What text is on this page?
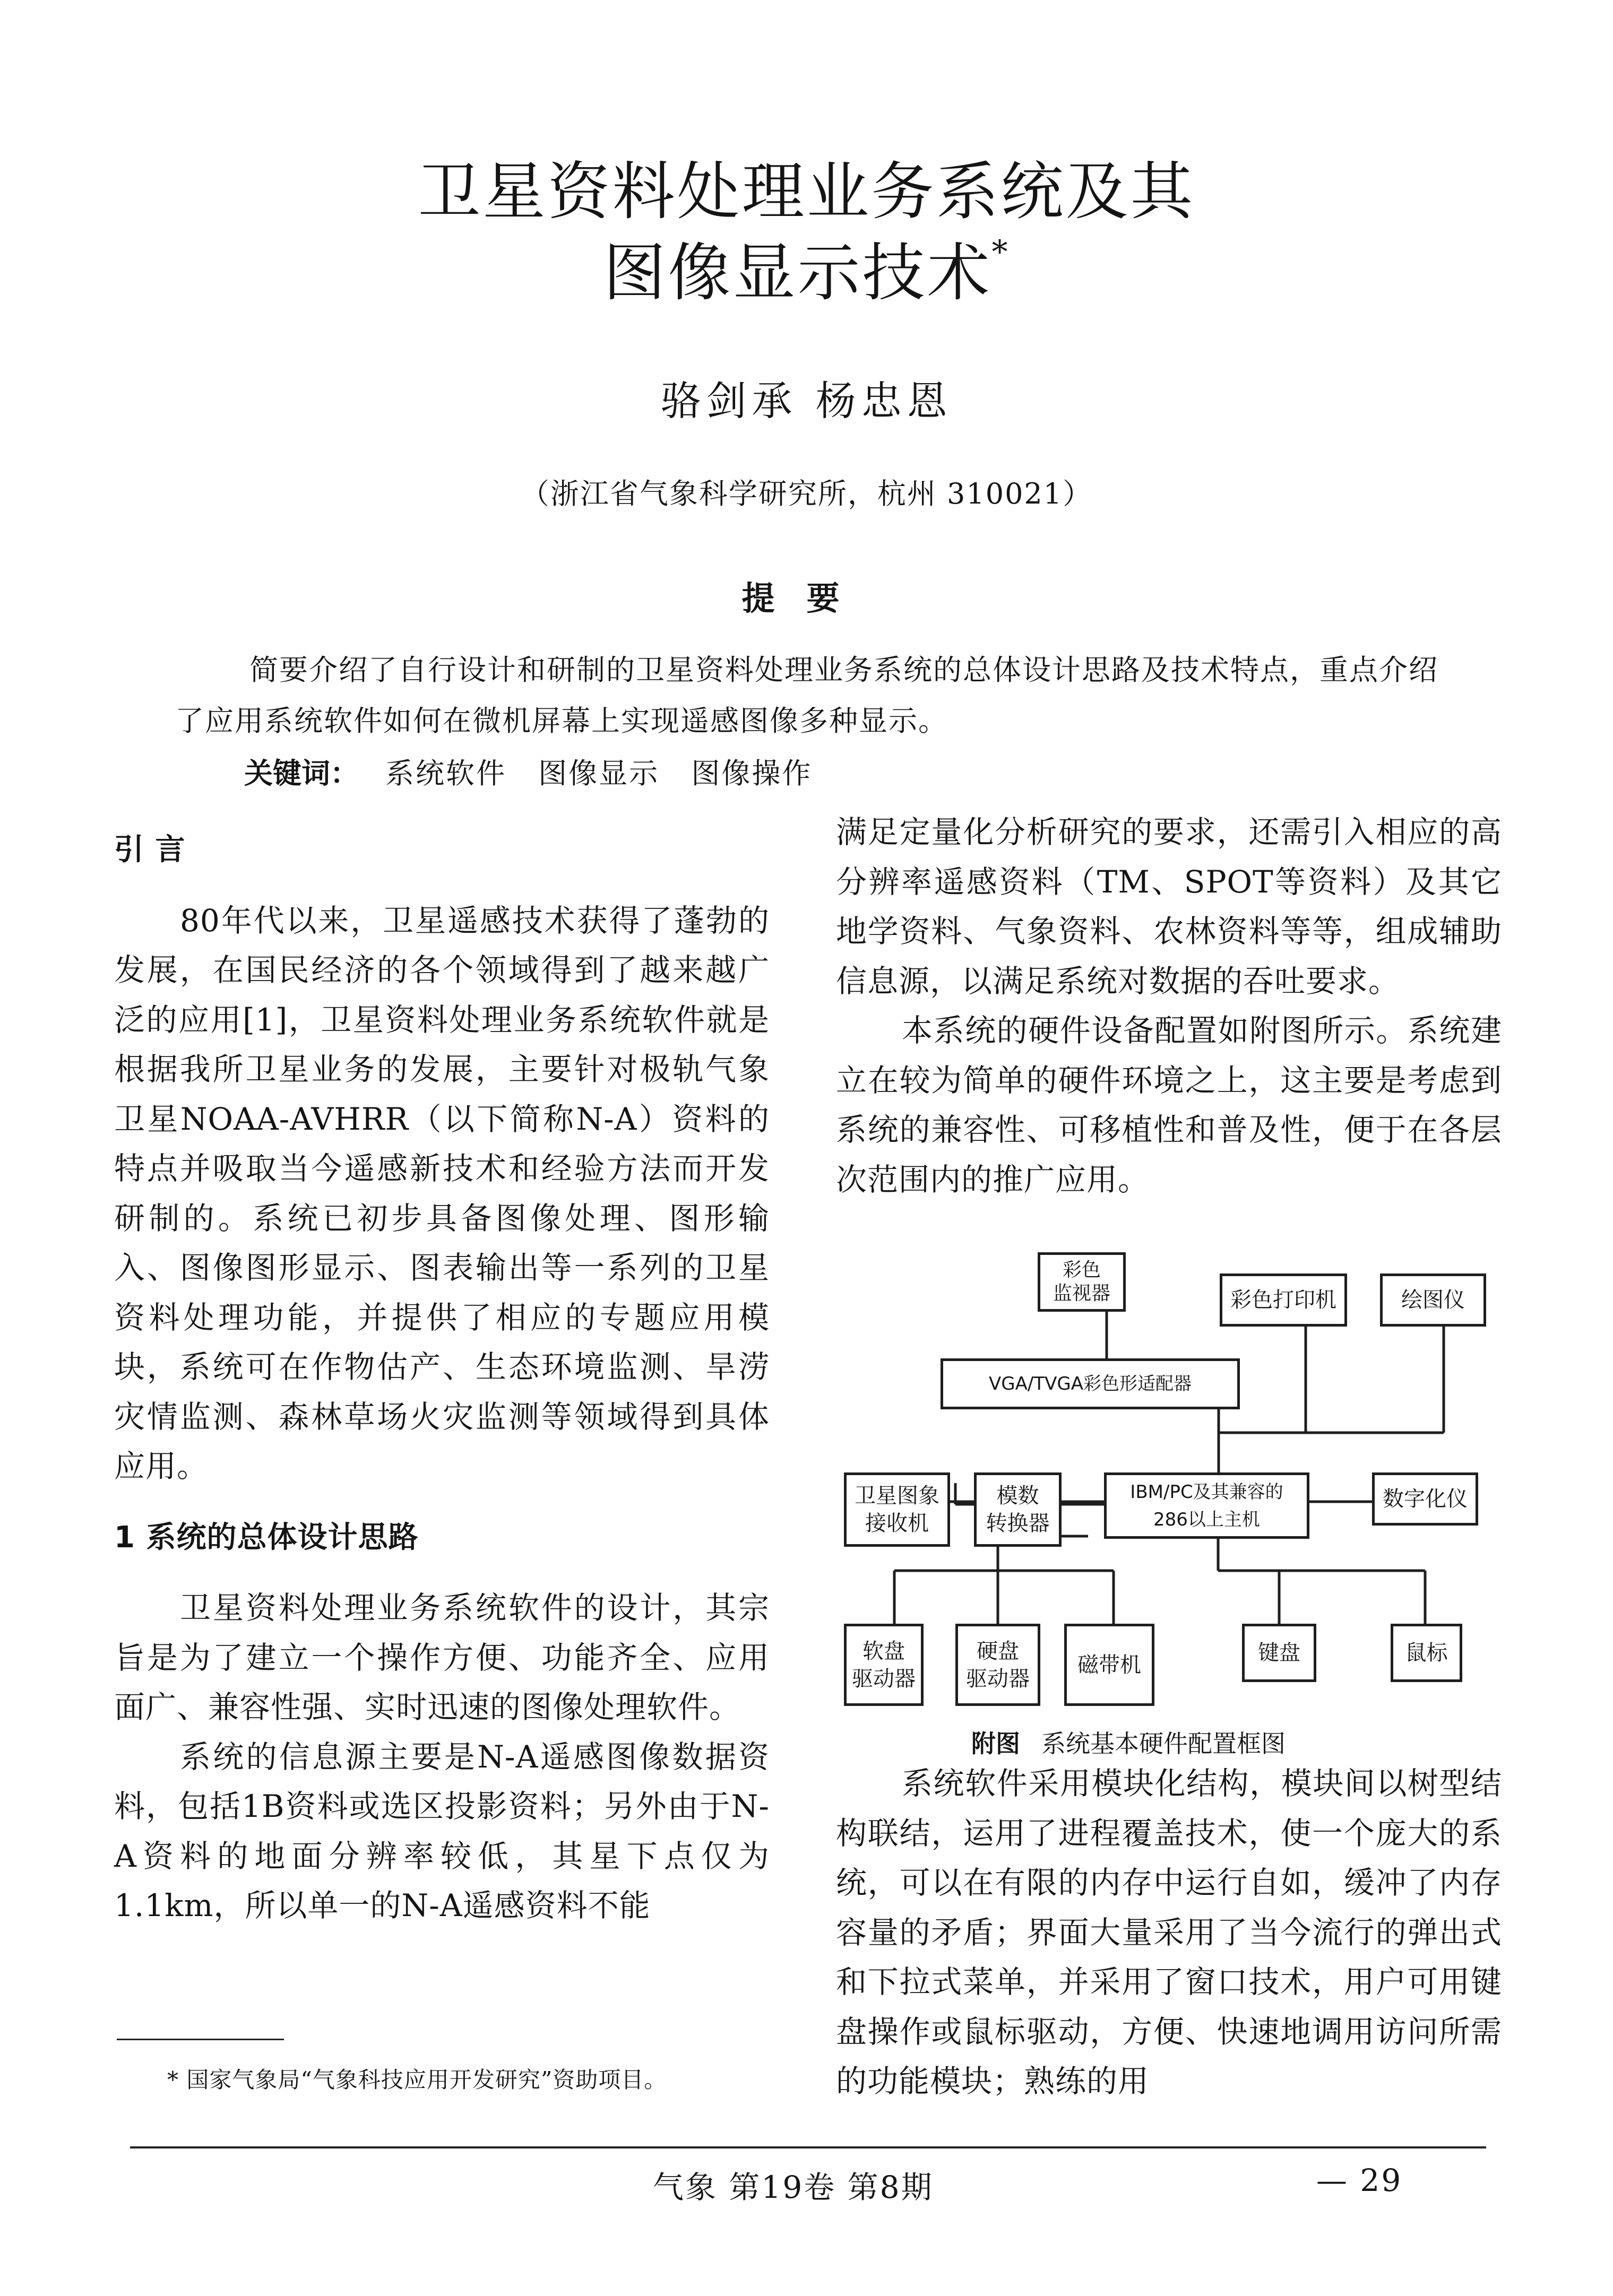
卫星资料处理业务系统及其
图像显示技术*
骆剑承 杨忠恩
（浙江省气象科学研究所，杭州 310021）
提要
简要介绍了自行设计和研制的卫星资料处理业务系统的总体设计思路及技术特点，重点介绍了应用系统软件如何在微机屏幕上实现遥感图像多种显示。
关键词： 系统软件 图像显示 图像操作

引 言

80年代以来，卫星遥感技术获得了蓬勃的发展，在国民经济的各个领域得到了越来越广泛的应用[1]，卫星资料处理业务系统软件就是根据我所卫星业务的发展，主要针对极轨气象卫星NOAA-AVHRR（以下简称N-A）资料的特点并吸取当今遥感新技术和经验方法而开发研制的。系统已初步具备图像处理、图形输入、图像图形显示、图表输出等一系列的卫星资料处理功能，并提供了相应的专题应用模块，系统可在作物估产、生态环境监测、旱涝灾情监测、森林草场火灾监测等领域得到具体应用。

1 系统的总体设计思路

卫星资料处理业务系统软件的设计，其宗旨是为了建立一个操作方便、功能齐全、应用面广、兼容性强、实时迅速的图像处理软件。

系统的信息源主要是N-A遥感图像数据资料，包括1B资料或选区投影资料；另外由于N-A资料的地面分辨率较低，其星下点仅为1.1km，所以单一的N-A遥感资料不能

满足定量化分析研究的要求，还需引入相应的高分辨率遥感资料（TM、SPOT等资料）及其它地学资料、气象资料、农林资料等等，组成辅助信息源，以满足系统对数据的吞吐要求。

本系统的硬件设备配置如附图所示。系统建立在较为简单的硬件环境之上，这主要是考虑到系统的兼容性、可移植性和普及性，便于在各层次范围内的推广应用。

彩色
监视器	彩色打印机	绘图仪
VGA/TVGA彩色形适配器
卫星图象
接收机
模数
转换器
IBM/PC及其兼容的
286以上主机
数字化仪
软盘
驱动器
硬盘
驱动器
磁带机	键盘	鼠标
附图 系统基本硬件配置框图

系统软件采用模块化结构，模块间以树型结构联结，运用了进程覆盖技术，使一个庞大的系统，可以在有限的内存中运行自如，缓冲了内存容量的矛盾；界面大量采用了当今流行的弹出式和下拉式菜单，并采用了窗口技术，用户可用键盘操作或鼠标驱动，方便、快速地调用访问所需的功能模块；熟练的用

* 国家气象局“气象科技应用开发研究”资助项目。
气象 第19卷 第8期	— 29
